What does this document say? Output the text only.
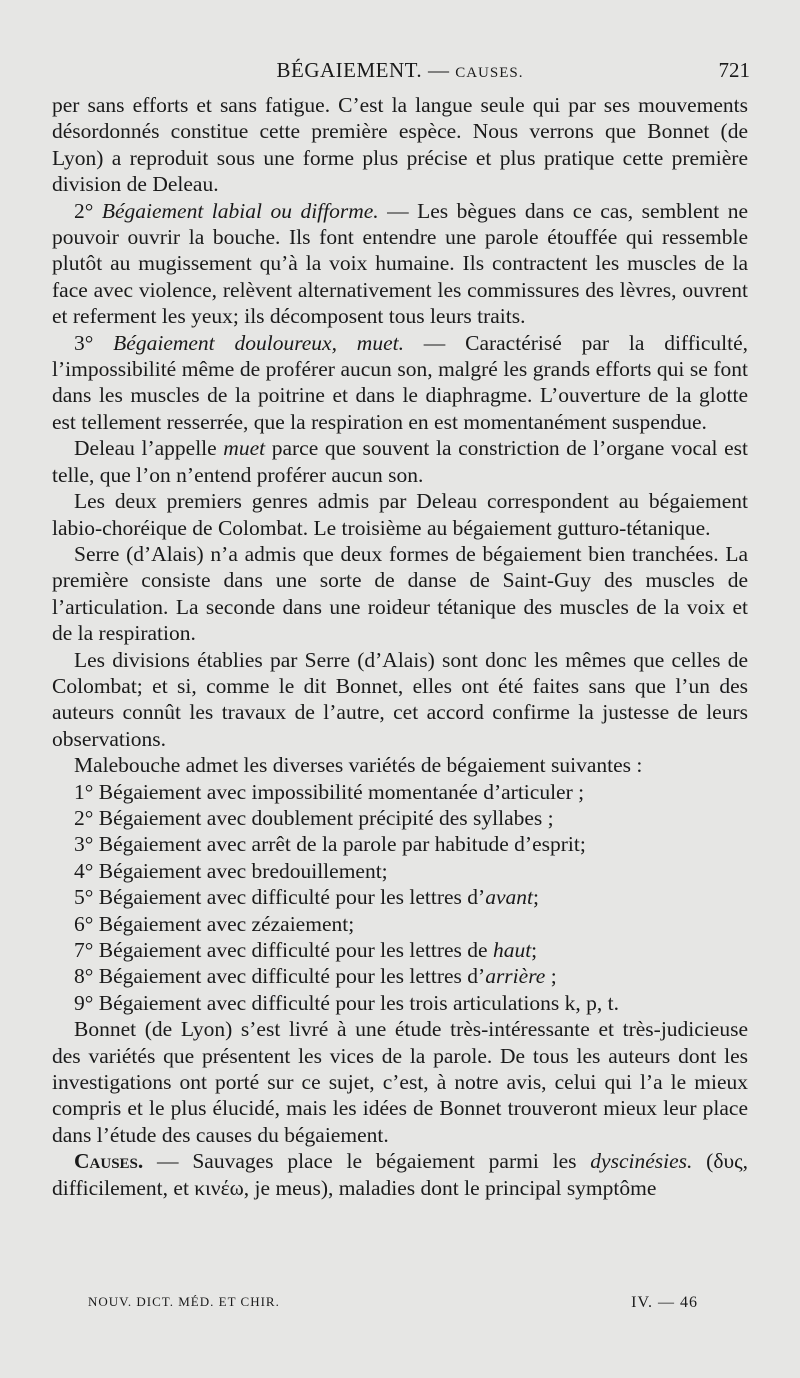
BÉGAIEMENT. — CAUSES.	721

per sans efforts et sans fatigue. C’est la langue seule qui par ses mouvements désordonnés constitue cette première espèce. Nous verrons que Bonnet (de Lyon) a reproduit sous une forme plus précise et plus pratique cette première division de Deleau.

2° Bégaiement labial ou difforme. — Les bègues dans ce cas, semblent ne pouvoir ouvrir la bouche. Ils font entendre une parole étouffée qui ressemble plutôt au mugissement qu’à la voix humaine. Ils contractent les muscles de la face avec violence, relèvent alternativement les commissures des lèvres, ouvrent et referment les yeux; ils décomposent tous leurs traits.

3° Bégaiement douloureux, muet. — Caractérisé par la difficulté, l’impossibilité même de proférer aucun son, malgré les grands efforts qui se font dans les muscles de la poitrine et dans le diaphragme. L’ouverture de la glotte est tellement resserrée, que la respiration en est momentanément suspendue.

Deleau l’appelle muet parce que souvent la constriction de l’organe vocal est telle, que l’on n’entend proférer aucun son.

Les deux premiers genres admis par Deleau correspondent au bégaiement labio-choréique de Colombat. Le troisième au bégaiement gutturo-tétanique.

Serre (d’Alais) n’a admis que deux formes de bégaiement bien tranchées. La première consiste dans une sorte de danse de Saint-Guy des muscles de l’articulation. La seconde dans une roideur tétanique des muscles de la voix et de la respiration.

Les divisions établies par Serre (d’Alais) sont donc les mêmes que celles de Colombat; et si, comme le dit Bonnet, elles ont été faites sans que l’un des auteurs connût les travaux de l’autre, cet accord confirme la justesse de leurs observations.

Malebouche admet les diverses variétés de bégaiement suivantes :

1° Bégaiement avec impossibilité momentanée d’articuler ;

2° Bégaiement avec doublement précipité des syllabes ;

3° Bégaiement avec arrêt de la parole par habitude d’esprit;

4° Bégaiement avec bredouillement;

5° Bégaiement avec difficulté pour les lettres d’avant;

6° Bégaiement avec zézaiement;

7° Bégaiement avec difficulté pour les lettres de haut;

8° Bégaiement avec difficulté pour les lettres d’arrière ;

9° Bégaiement avec difficulté pour les trois articulations k, p, t.

Bonnet (de Lyon) s’est livré à une étude très-intéressante et très-judicieuse des variétés que présentent les vices de la parole. De tous les auteurs dont les investigations ont porté sur ce sujet, c’est, à notre avis, celui qui l’a le mieux compris et le plus élucidé, mais les idées de Bonnet trouveront mieux leur place dans l’étude des causes du bégaiement.

Causes. — Sauvages place le bégaiement parmi les dyscinésies. (δυς, difficilement, et κινέω, je meus), maladies dont le principal symptôme

NOUV. DICT. MÉD. ET CHIR.	IV. — 46
